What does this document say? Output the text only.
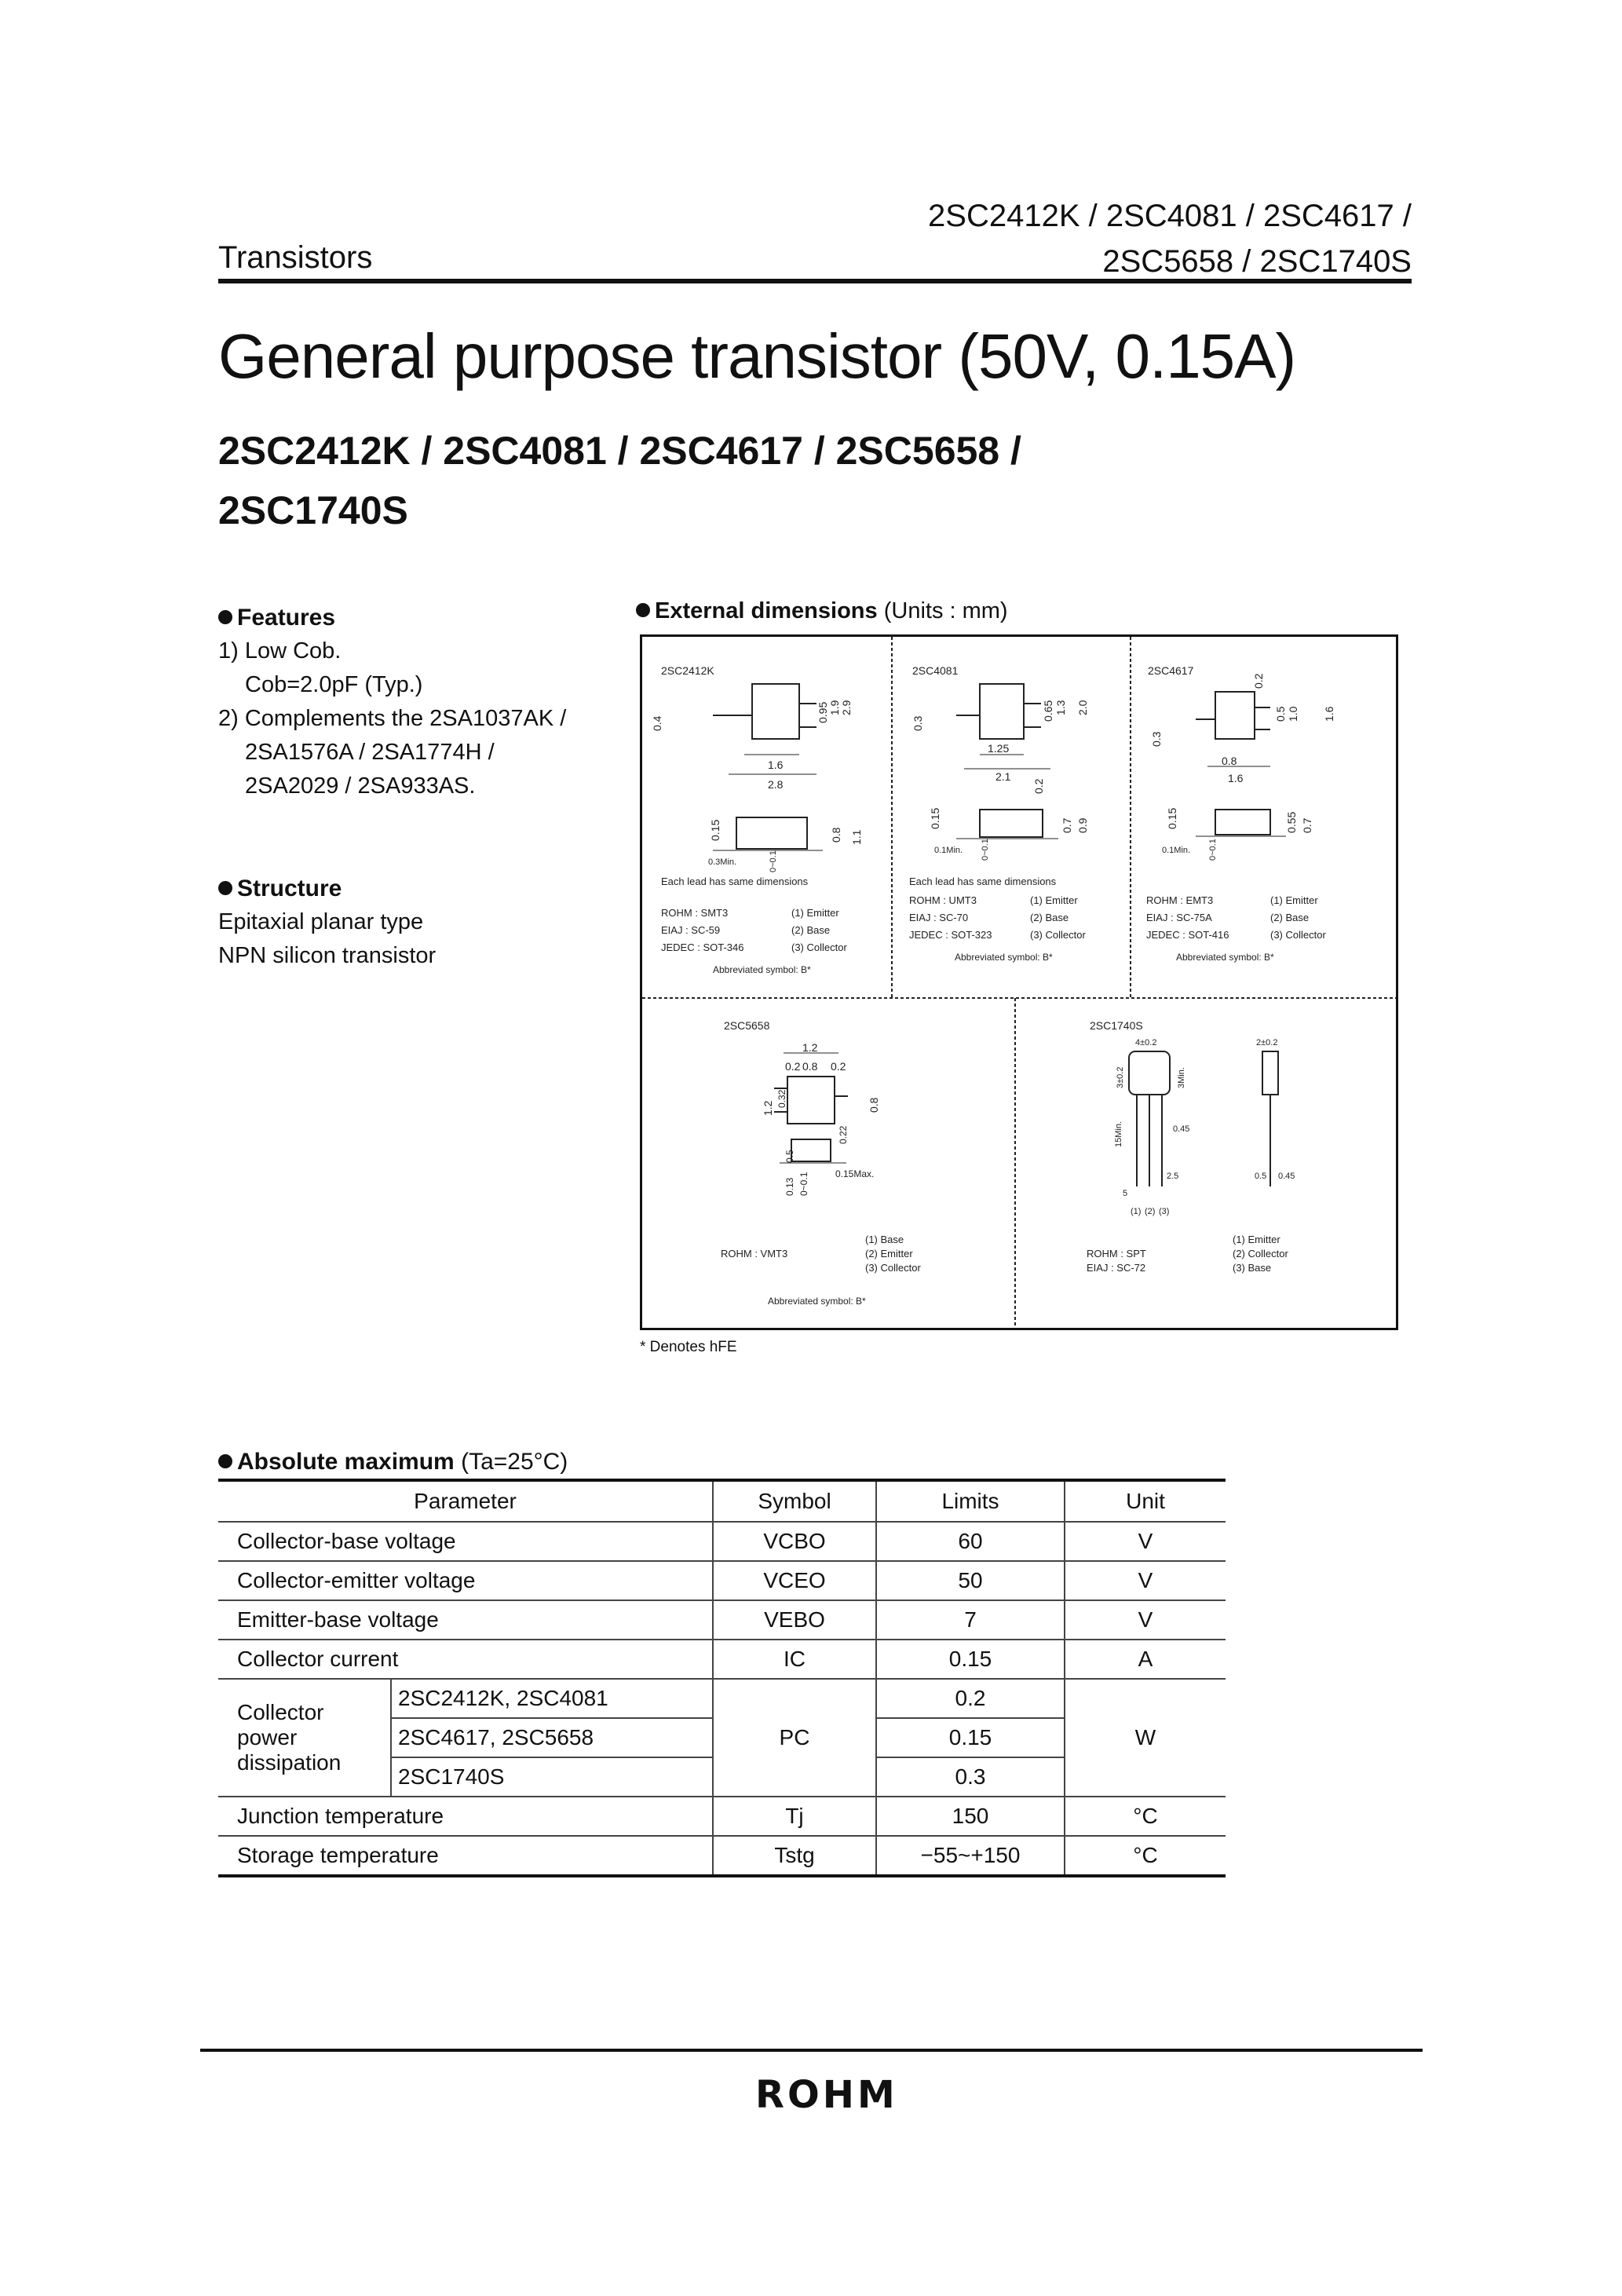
Transistors
2SC2412K / 2SC4081 / 2SC4617 /
2SC5658 / 2SC1740S
General purpose transistor (50V, 0.15A)
2SC2412K / 2SC4081 / 2SC4617 / 2SC5658 /
2SC1740S
Features
1) Low Cob.
Cob=2.0pF (Typ.)
2) Complements the 2SA1037AK /
2SA1576A / 2SA1774H /
2SA2029 / 2SA933AS.
Structure
Epitaxial planar type
NPN silicon transistor
External dimensions (Units : mm)
2SC2412K
0.4
1.6
2.8
0.95 1.9 2.9
1.1
0.8
0.15
0.3Min.	0~0.1
Each lead has same dimensions
ROHM : SMT3
EIAJ : SC-59
JEDEC : SOT-346
(1) Emitter
(2) Base
(3) Collector
Abbreviated symbol: B*
2SC4081
0.3
1.25
2.1
0.65 1.3 2.0
0.2
0.7 0.9
0.15
0.1Min. 0~0.1
Each lead has same dimensions
ROHM : UMT3
EIAJ : SC-70
JEDEC : SOT-323
(1) Emitter
(2) Base
(3) Collector
Abbreviated symbol: B*
2SC4617
0.2
0.3
0.8
1.6
0.5 1.0 1.6
0.55 0.7
0.15
0.1Min. 0~0.1
ROHM : EMT3
EIAJ : SC-75A
JEDEC : SOT-416
(1) Emitter
(2) Base
(3) Collector
Abbreviated symbol: B*
2SC5658
1.2
0.2 0.8 0.2
1.2
0.32	0.8
0.22
0.5
0.13 0~0.1	0.15Max.
ROHM : VMT3
(1) Base
(2) Emitter
(3) Collector
Abbreviated symbol: B*
2SC1740S
4±0.2	2±0.2
3±0.2
15Min.
3Min.
0.45
0.45
5
2.5	0.5
(1) (2) (3)
ROHM : SPT
EIAJ : SC-72
(1) Emitter
(2) Collector
(3) Base
* Denotes hFE
Absolute maximum (Ta=25°C)
Parameter		Symbol	Limits	Unit
Collector-base voltage		VCBO	60	V
Collector-emitter voltage		VCEO	50	V
Emitter-base voltage		VEBO	7	V
Collector current		IC	0.15	A

Collector power
dissipation	2SC2412K, 2SC4081	PC	0.2	W
	2SC4617, 2SC5658		0.15	
	2SC1740S		0.3	
Junction temperature		Tj	150	°C
Storage temperature		Tstg	−55~+150	°C
ROHM
